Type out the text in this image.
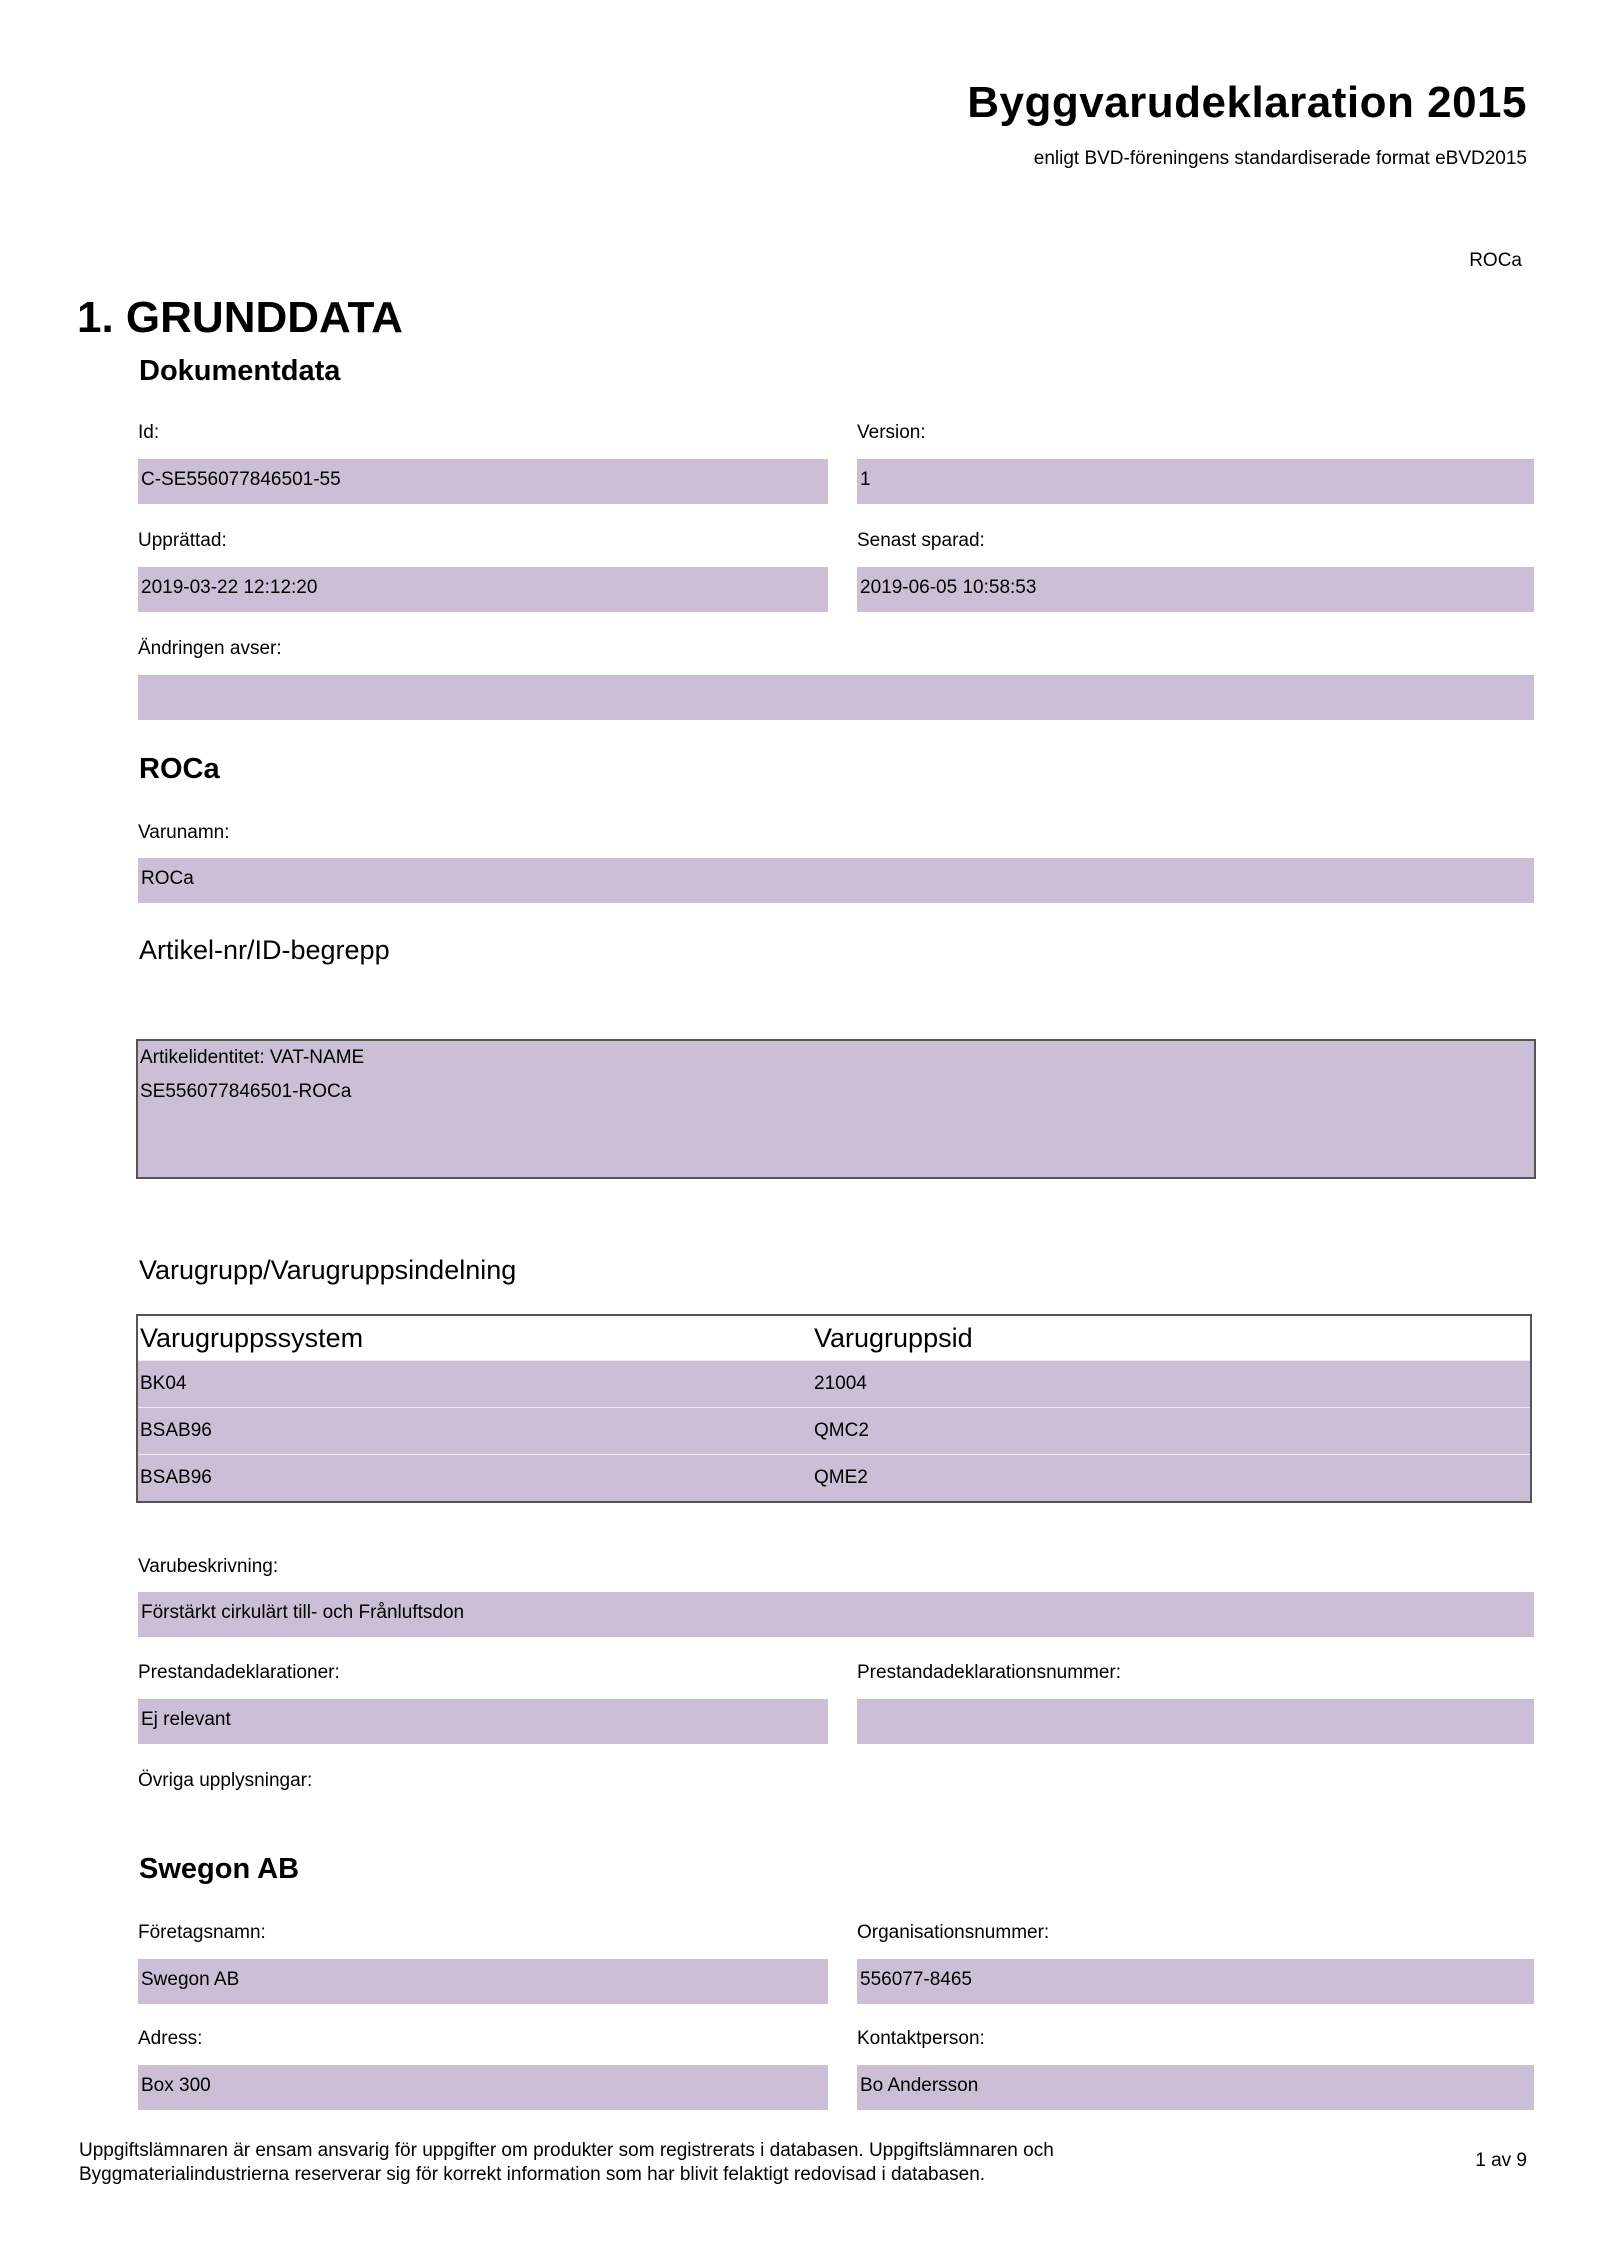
Byggvarudeklaration 2015
enligt BVD-föreningens standardiserade format eBVD2015
ROCa
1. GRUNDDATA
Dokumentdata
Id:	Version:
C-SE556077846501-55	1
Upprättad:	Senast sparad:
2019-03-22 12:12:20	2019-06-05 10:58:53
Ändringen avser:
ROCa
Varunamn:
ROCa
Artikel-nr/ID-begrepp
Artikelidentitet: VAT-NAME
SE556077846501-ROCa
Varugrupp/Varugruppsindelning
Varugruppssystem	Varugruppsid
BK04	21004
BSAB96	QMC2
BSAB96	QME2
Varubeskrivning:
Förstärkt cirkulärt till- och Frånluftsdon
Prestandadeklarationer:	Prestandadeklarationsnummer:
Ej relevant
Övriga upplysningar:
Swegon AB
Företagsnamn:	Organisationsnummer:
Swegon AB	556077-8465
Adress:	Kontaktperson:
Box 300	Bo Andersson
Uppgiftslämnaren är ensam ansvarig för uppgifter om produkter som registrerats i databasen. Uppgiftslämnaren och
Byggmaterialindustrierna reserverar sig för korrekt information som har blivit felaktigt redovisad i databasen.
1 av 9
